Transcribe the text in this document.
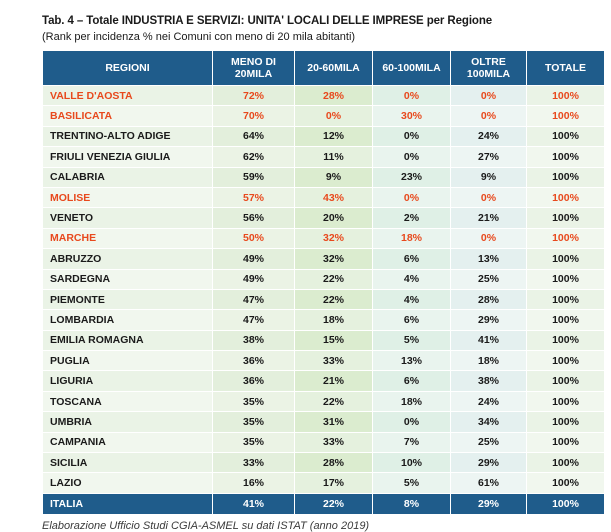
Tab. 4 – Totale INDUSTRIA E SERVIZI: UNITA' LOCALI DELLE IMPRESE per Regione
(Rank per incidenza % nei Comuni con meno di 20 mila abitanti)
REGIONI	MENO DI 20MILA	20-60MILA	60-100MILA	OLTRE 100MILA	TOTALE
VALLE D'AOSTA	72%	28%	0%	0%	100%
BASILICATA	70%	0%	30%	0%	100%
TRENTINO-ALTO ADIGE	64%	12%	0%	24%	100%
FRIULI VENEZIA GIULIA	62%	11%	0%	27%	100%
CALABRIA	59%	9%	23%	9%	100%
MOLISE	57%	43%	0%	0%	100%
VENETO	56%	20%	2%	21%	100%
MARCHE	50%	32%	18%	0%	100%
ABRUZZO	49%	32%	6%	13%	100%
SARDEGNA	49%	22%	4%	25%	100%
PIEMONTE	47%	22%	4%	28%	100%
LOMBARDIA	47%	18%	6%	29%	100%
EMILIA ROMAGNA	38%	15%	5%	41%	100%
PUGLIA	36%	33%	13%	18%	100%
LIGURIA	36%	21%	6%	38%	100%
TOSCANA	35%	22%	18%	24%	100%
UMBRIA	35%	31%	0%	34%	100%
CAMPANIA	35%	33%	7%	25%	100%
SICILIA	33%	28%	10%	29%	100%
LAZIO	16%	17%	5%	61%	100%
ITALIA	41%	22%	8%	29%	100%
Elaborazione Ufficio Studi CGIA-ASMEL su dati ISTAT (anno 2019)
